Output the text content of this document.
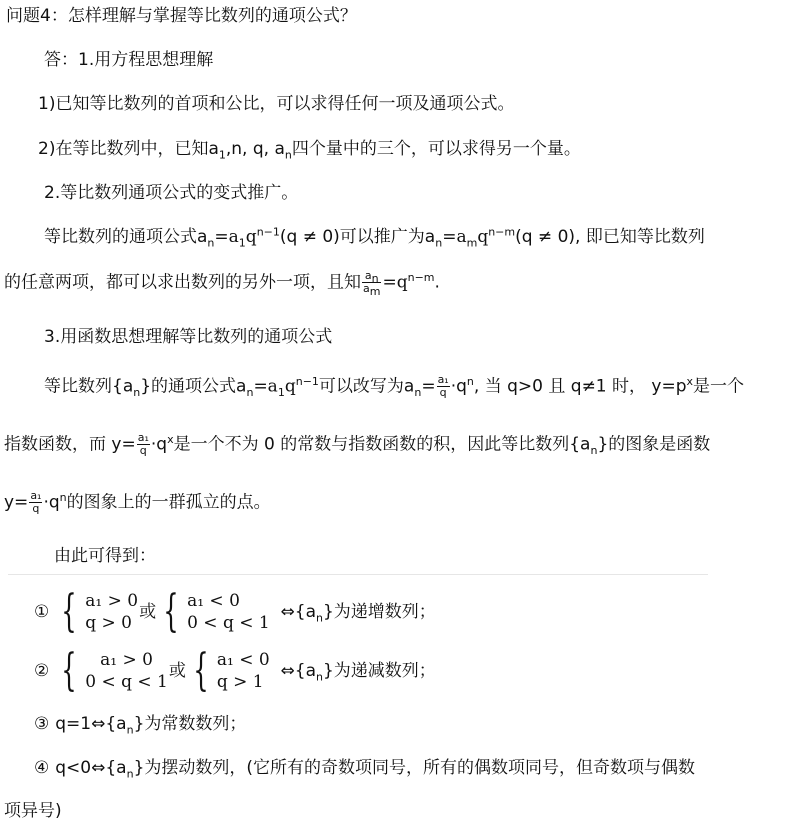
问题4：怎样理解与掌握等比数列的通项公式？
答：1.用方程思想理解
1)已知等比数列的首项和公比，可以求得任何一项及通项公式。
2)在等比数列中，已知$a_1,n$, q, $a_n$四个量中的三个，可以求得另一个量。
2.等比数列通项公式的变式推广。
等比数列的通项公式$a_n=a_1q^{n-1}(q \ne 0)$可以推广为$a_n=a_mq^{n-m}(q \ne 0)$, 即已知等比数列
的任意两项，都可以求出数列的另外一项，且知 $\frac{a_n}{a_m} =q^{n-m}$.
3.用函数思想理解等比数列的通项公式
等比数列$\{a_n\}$的通项公式$a_n=a_1q^{n-1}$可以改写为$a_n= \frac{\text{a₁}}{q} \cdot q^n$, 当 q>0 且 q≠1 时， $y=p^x$是一个
指数函数，而 $y= \frac{\text{a₁}}{q} \cdot q^x$是一个不为 0 的常数与指数函数的积，因此等比数列$\{a_n\}$的图象是函数
$y= \frac{\text{a₁}}{q} \cdot q^n$的图象上的一群孤立的点。
由此可得到：
① { a₁ > 0
q > 0
或 { a₁ < 0
0 < q < 1
$\Leftrightarrow\{a_n\}$为递增数列；
② {	a₁ > 0
0 < q < 1
或 { a₁ < 0
q > 1
$\Leftrightarrow\{a_n\}$为递减数列；
③ $q=1\Leftrightarrow\{a_n\}$为常数数列；
④ $q<0\Leftrightarrow\{a_n\}$为摆动数列，(它所有的奇数项同号，所有的偶数项同号，但奇数项与偶数
项异号)
